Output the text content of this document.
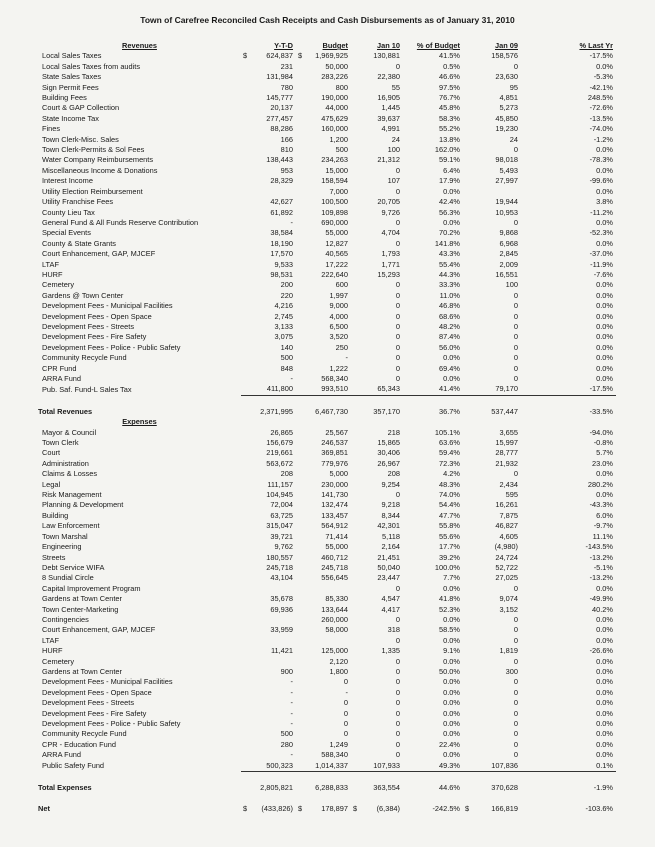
Town of Carefree Reconciled Cash Receipts and Cash Disbursements as of January 31, 2010
Revenues	Y-T-D	Budget	Jan 10	% of Budget	Jan 09	% Last Yr
Local Sales Taxes	$ 624,837	$ 1,969,925	130,881	41.5%	158,576	-17.5%
Local Sales Taxes from audits	231	50,000	0	0.5%	0	0.0%
State Sales Taxes	131,984	283,226	22,380	46.6%	23,630	-5.3%
Sign Permit Fees	780	800	55	97.5%	95	-42.1%
Building Fees	145,777	190,000	16,905	76.7%	4,851	248.5%
Court & GAP Collection	20,137	44,000	1,445	45.8%	5,273	-72.6%
State Income Tax	277,457	475,629	39,637	58.3%	45,850	-13.5%
Fines	88,286	160,000	4,991	55.2%	19,230	-74.0%
Town Clerk-Misc. Sales	166	1,200	24	13.8%	24	-1.2%
Town Clerk-Permits & Sol Fees	810	500	100	162.0%	0	0.0%
Water Company Reimbursements	138,443	234,263	21,312	59.1%	98,018	-78.3%
Miscellaneous Income & Donations	953	15,000	0	6.4%	5,493	0.0%
Interest Income	28,329	158,594	107	17.9%	27,997	-99.6%
Utility Election Reimbursement		7,000	0	0.0%		0.0%
Utility Franchise Fees	42,627	100,500	20,705	42.4%	19,944	3.8%
County Lieu Tax	61,892	109,898	9,726	56.3%	10,953	-11.2%
General Fund & All Funds Reserve Contribution	-	690,000	0	0.0%	0	0.0%
Special Events	38,584	55,000	4,704	70.2%	9,868	-52.3%
County & State Grants	18,190	12,827	0	141.8%	6,968	0.0%
Court Enhancement, GAP, MJCEF	17,570	40,565	1,793	43.3%	2,845	-37.0%
LTAF	9,533	17,222	1,771	55.4%	2,009	-11.9%
HURF	98,531	222,640	15,293	44.3%	16,551	-7.6%
Cemetery	200	600	0	33.3%	100	0.0%
Gardens @ Town Center	220	1,997	0	11.0%	0	0.0%
Development Fees - Municipal Facilities	4,216	9,000	0	46.8%	0	0.0%
Development Fees - Open Space	2,745	4,000	0	68.6%	0	0.0%
Development Fees - Streets	3,133	6,500	0	48.2%	0	0.0%
Development Fees - Fire Safety	3,075	3,520	0	87.4%	0	0.0%
Development Fees - Police - Public Safety	140	250	0	56.0%	0	0.0%
Community Recycle Fund	500	-	0	0.0%	0	0.0%
CPR Fund	848	1,222	0	69.4%	0	0.0%
ARRA Fund	-	568,340	0	0.0%	0	0.0%
Pub. Saf. Fund-L Sales Tax	411,800	993,510	65,343	41.4%	79,170	-17.5%

Total Revenues	2,371,995	6,467,730	357,170	36.7%	537,447	-33.5%
Expenses						
Mayor & Council	26,865	25,567	218	105.1%	3,655	-94.0%
Town Clerk	156,679	246,537	15,865	63.6%	15,997	-0.8%
Court	219,661	369,851	30,406	59.4%	28,777	5.7%
Administration	563,672	779,976	26,967	72.3%	21,932	23.0%
Claims & Losses	208	5,000	208	4.2%	0	0.0%
Legal	111,157	230,000	9,254	48.3%	2,434	280.2%
Risk Management	104,945	141,730	0	74.0%	595	0.0%
Planning & Development	72,004	132,474	9,218	54.4%	16,261	-43.3%
Building	63,725	133,457	8,344	47.7%	7,875	6.0%
Law Enforcement	315,047	564,912	42,301	55.8%	46,827	-9.7%
Town Marshal	39,721	71,414	5,118	55.6%	4,605	11.1%
Engineering	9,762	55,000	2,164	17.7%	(4,980)	-143.5%
Streets	180,557	460,712	21,451	39.2%	24,724	-13.2%
Debt Service WIFA	245,718	245,718	50,040	100.0%	52,722	-5.1%
8 Sundial Circle	43,104	556,645	23,447	7.7%	27,025	-13.2%
Capital Improvement Program			0	0.0%	0	0.0%
Gardens at Town Center	35,678	85,330	4,547	41.8%	9,074	-49.9%
Town Center-Marketing	69,936	133,644	4,417	52.3%	3,152	40.2%
Contingencies		260,000	0	0.0%	0	0.0%
Court Enhancement, GAP, MJCEF	33,959	58,000	318	58.5%	0	0.0%
LTAF			0	0.0%	0	0.0%
HURF	11,421	125,000	1,335	9.1%	1,819	-26.6%
Cemetery		2,120	0	0.0%	0	0.0%
Gardens at Town Center	900	1,800	0	50.0%	300	0.0%
Development Fees - Municipal Facilities	-	0	0	0.0%	0	0.0%
Development Fees - Open Space	-	-	0	0.0%	0	0.0%
Development Fees - Streets	-	0	0	0.0%	0	0.0%
Development Fees - Fire Safety	-	0	0	0.0%	0	0.0%
Development Fees - Police - Public Safety	-	0	0	0.0%	0	0.0%
Community Recycle Fund	500	0	0	0.0%	0	0.0%
CPR - Education Fund	280	1,249	0	22.4%	0	0.0%
ARRA Fund	-	588,340	0	0.0%	0	0.0%
Public Safety Fund	500,323	1,014,337	107,933	49.3%	107,836	0.1%

Total Expenses	2,805,821	6,288,833	363,554	44.6%	370,628	-1.9%

Net	$ (433,826)	$ 178,897	$ (6,384)	-242.5%	$ 166,819	-103.6%
